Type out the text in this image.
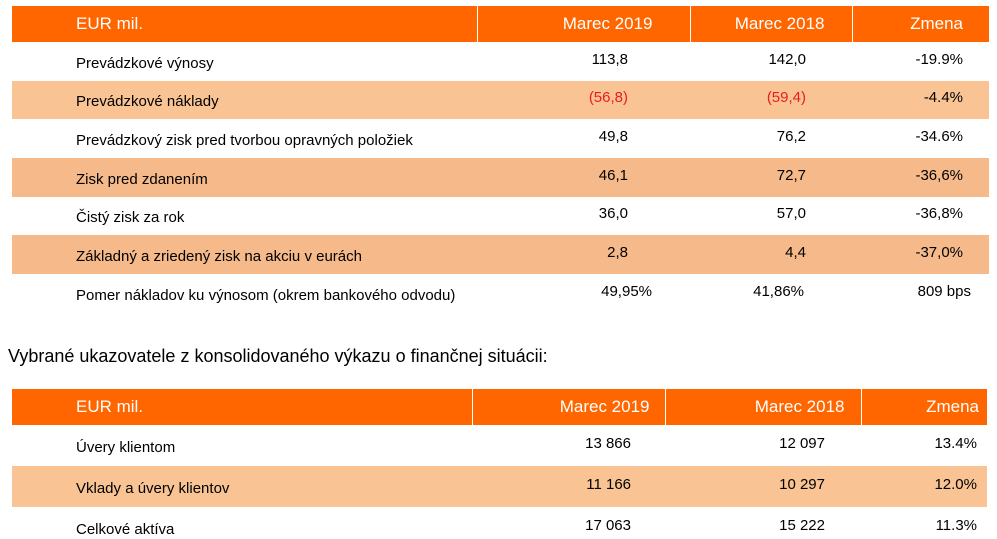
EUR mil.	Marec 2019	Marec 2018	Zmena
Prevádzkové výnosy	113,8	142,0	-19.9%
Prevádzkové náklady	(56,8)	(59,4)	-4.4%
Prevádzkový zisk pred tvorbou opravných položiek	49,8	76,2	-34.6%
Zisk pred zdanením	46,1	72,7	-36,6%
Čistý zisk za rok	36,0	57,0	-36,8%
Základný a zriedený zisk na akciu v eurách	2,8	4,4	-37,0%
Pomer nákladov ku výnosom (okrem bankového odvodu)	49,95%	41,86%	809 bps
Vybrané ukazovatele z konsolidovaného výkazu o finančnej situácii:
EUR mil.	Marec 2019	Marec 2018	Zmena
Úvery klientom	13 866	12 097	13.4%
Vklady a úvery klientov	11 166	10 297	12.0%
Celkové aktíva	17 063	15 222	11.3%
